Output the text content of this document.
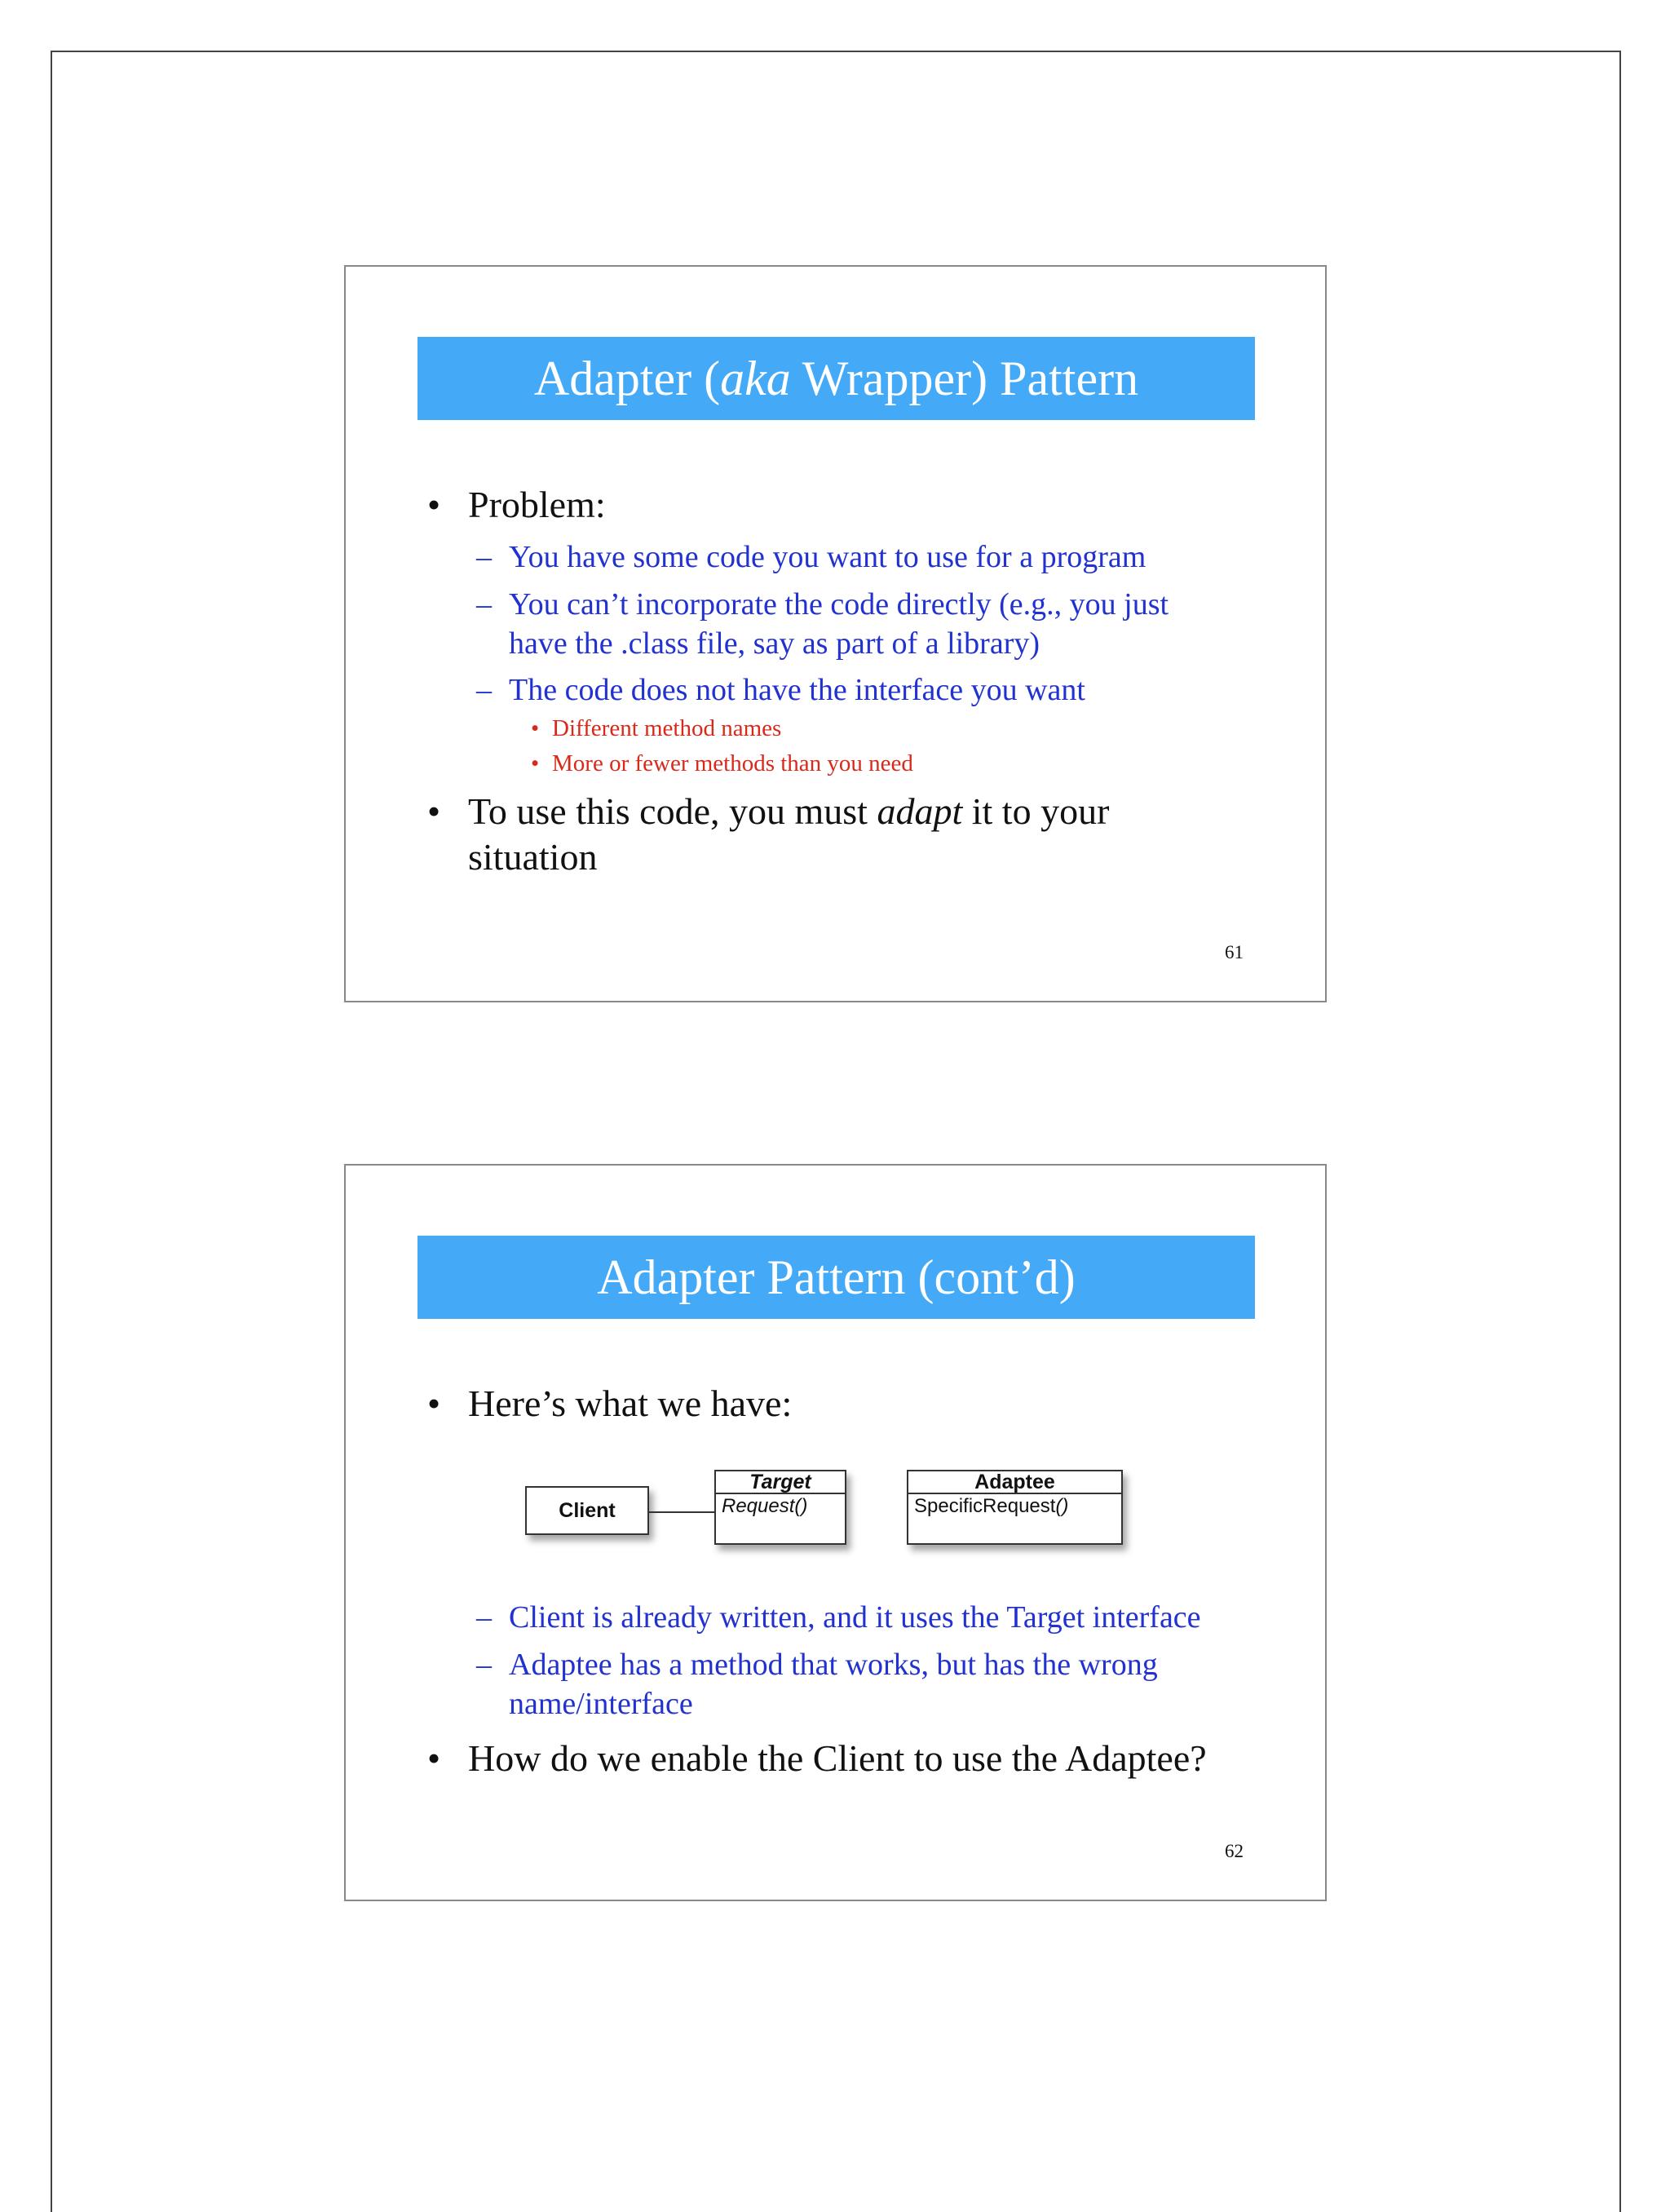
Adapter (aka Wrapper) Pattern
• Problem:
– You have some code you want to use for a program
– You can’t incorporate the code directly (e.g., you just
have the .class file, say as part of a library)
– The code does not have the interface you want
• Different method names
• More or fewer methods than you need
• To use this code, you must adapt it to your
situation
61
Adapter Pattern (cont’d)
• Here’s what we have:
Client
Target
Request()
Adaptee
SpecificRequest()
– Client is already written, and it uses the Target interface
– Adaptee has a method that works, but has the wrong
name/interface
• How do we enable the Client to use the Adaptee?
62
